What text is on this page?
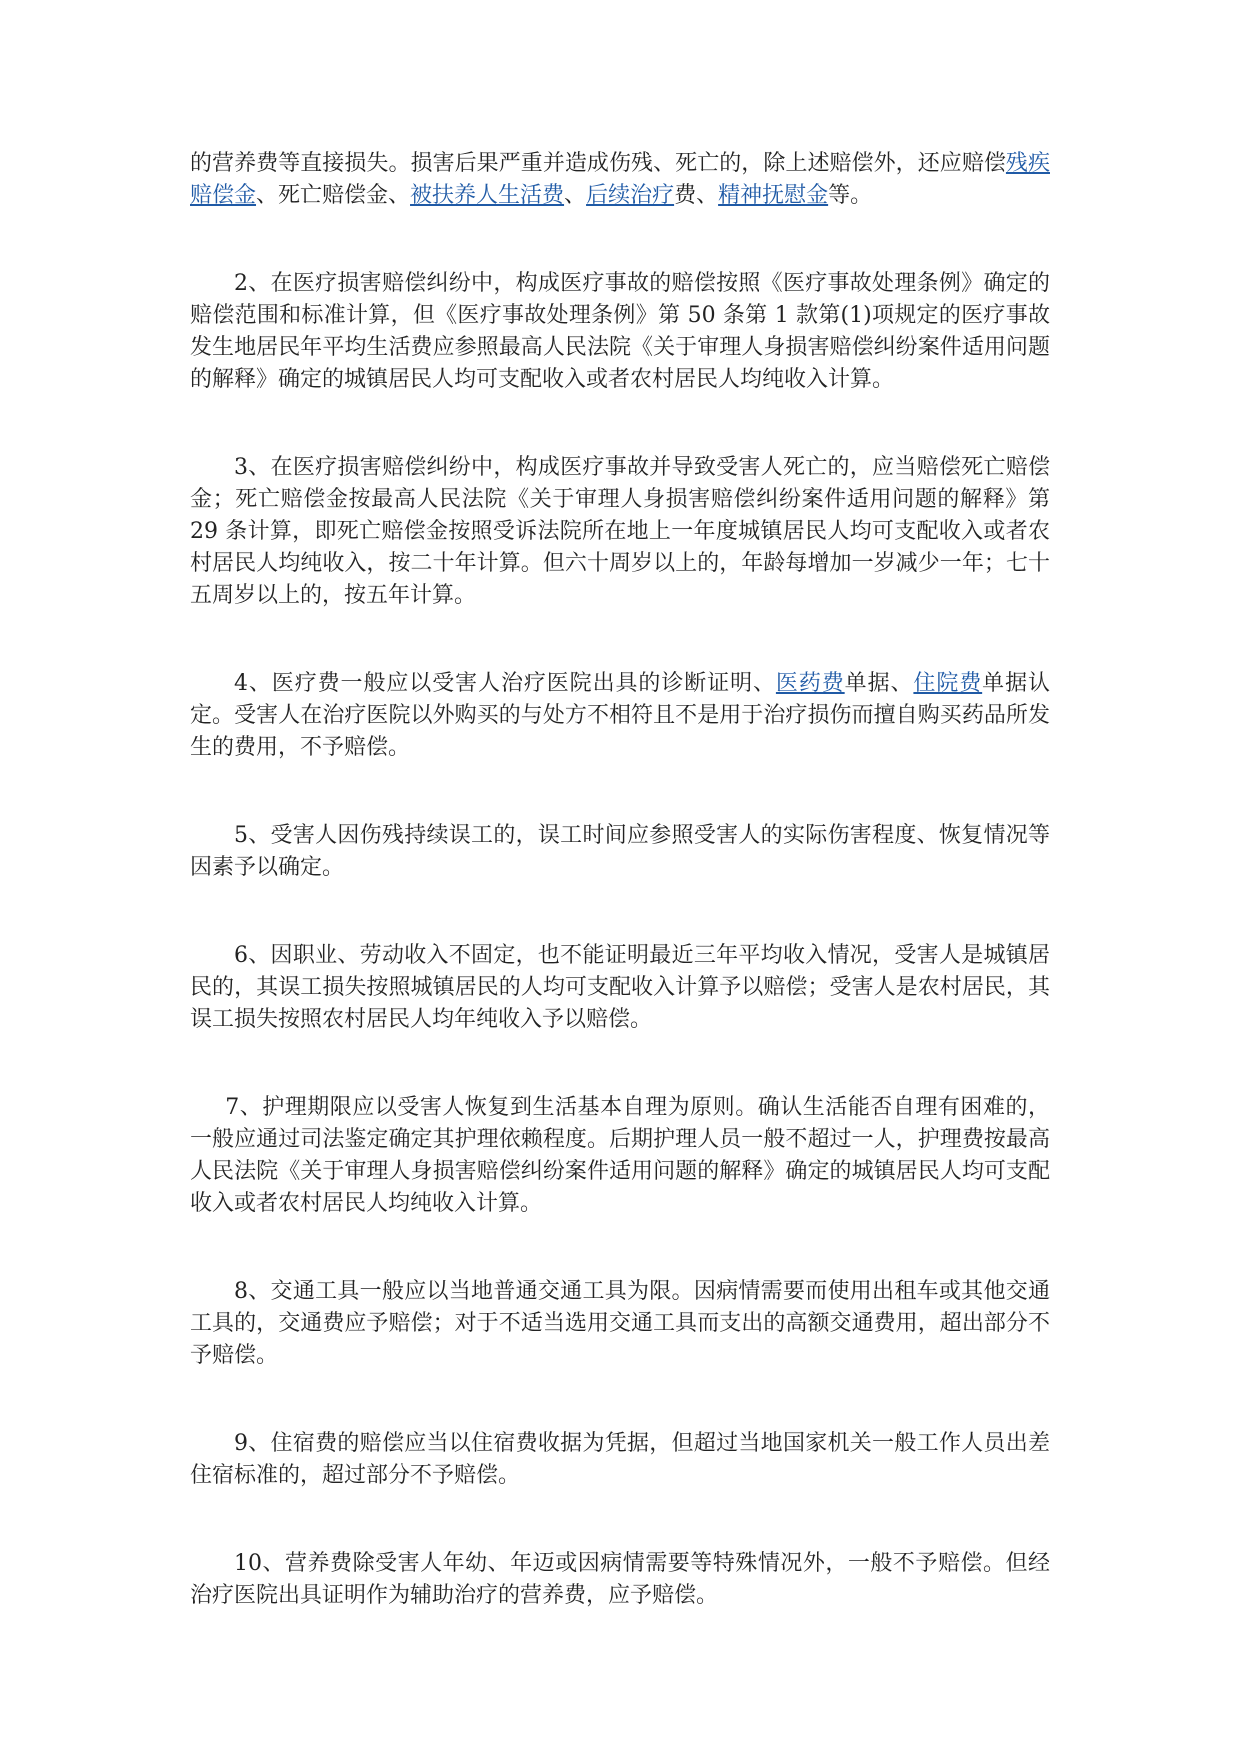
的营养费等直接损失。损害后果严重并造成伤残、死亡的，除上述赔偿外，还应赔偿残疾赔偿金、死亡赔偿金、被扶养人生活费、后续治疗费、精神抚慰金等。

2、在医疗损害赔偿纠纷中，构成医疗事故的赔偿按照《医疗事故处理条例》确定的赔偿范围和标准计算，但《医疗事故处理条例》第 50 条第 1 款第(1)项规定的医疗事故发生地居民年平均生活费应参照最高人民法院《关于审理人身损害赔偿纠纷案件适用问题的解释》确定的城镇居民人均可支配收入或者农村居民人均纯收入计算。

3、在医疗损害赔偿纠纷中，构成医疗事故并导致受害人死亡的，应当赔偿死亡赔偿金；死亡赔偿金按最高人民法院《关于审理人身损害赔偿纠纷案件适用问题的解释》第 29 条计算，即死亡赔偿金按照受诉法院所在地上一年度城镇居民人均可支配收入或者农村居民人均纯收入，按二十年计算。但六十周岁以上的，年龄每增加一岁减少一年；七十五周岁以上的，按五年计算。

4、医疗费一般应以受害人治疗医院出具的诊断证明、医药费单据、住院费单据认定。受害人在治疗医院以外购买的与处方不相符且不是用于治疗损伤而擅自购买药品所发生的费用，不予赔偿。

5、受害人因伤残持续误工的，误工时间应参照受害人的实际伤害程度、恢复情况等因素予以确定。

6、因职业、劳动收入不固定，也不能证明最近三年平均收入情况，受害人是城镇居民的，其误工损失按照城镇居民的人均可支配收入计算予以赔偿；受害人是农村居民，其误工损失按照农村居民人均年纯收入予以赔偿。

7、护理期限应以受害人恢复到生活基本自理为原则。确认生活能否自理有困难的，一般应通过司法鉴定确定其护理依赖程度。后期护理人员一般不超过一人，护理费按最高人民法院《关于审理人身损害赔偿纠纷案件适用问题的解释》确定的城镇居民人均可支配收入或者农村居民人均纯收入计算。

8、交通工具一般应以当地普通交通工具为限。因病情需要而使用出租车或其他交通工具的，交通费应予赔偿；对于不适当选用交通工具而支出的高额交通费用，超出部分不予赔偿。

9、住宿费的赔偿应当以住宿费收据为凭据，但超过当地国家机关一般工作人员出差住宿标准的，超过部分不予赔偿。

10、营养费除受害人年幼、年迈或因病情需要等特殊情况外，一般不予赔偿。但经治疗医院出具证明作为辅助治疗的营养费，应予赔偿。
